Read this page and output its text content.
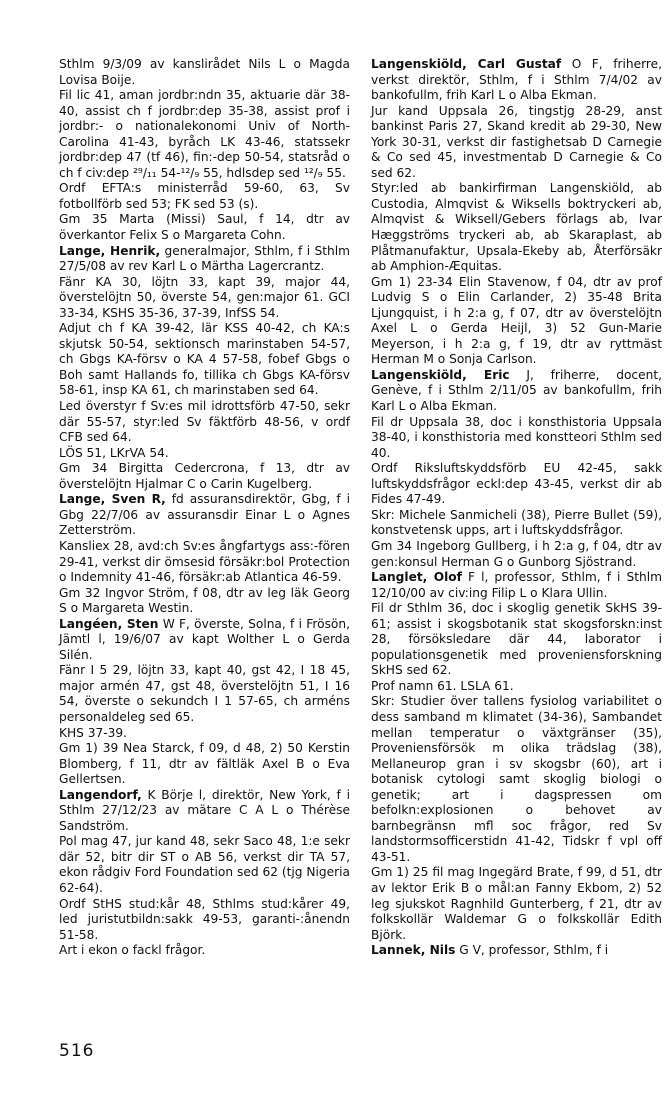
Sthlm 9/3/09 av kanslirådet Nils L o Magda Lovisa Boije.

Fil lic 41, aman jordbr:ndn 35, aktuarie där 38-40, assist ch f jordbr:dep 35-38, assist prof i jordbr:- o nationalekonomi Univ of North-Carolina 41-43, byråch LK 43-46, statssekr jordbr:dep 47 (tf 46), fin:-dep 50-54, statsråd o ch f civ:dep ²⁹/₁₁ 54-¹²/₉ 55, hdlsdep sed ¹²/₉ 55.

Ordf EFTA:s ministerråd 59-60, 63, Sv fotbollförb sed 53; FK sed 53 (s).

Gm 35 Marta (Missi) Saul, f 14, dtr av överkantor Felix S o Margareta Cohn.

Lange, Henrik, generalmajor, Sthlm, f i Sthlm 27/5/08 av rev Karl L o Märtha Lagercrantz.

Fänr KA 30, löjtn 33, kapt 39, major 44, överstelöjtn 50, överste 54, gen:major 61. GCI 33-34, KSHS 35-36, 37-39, InfSS 54.

Adjut ch f KA 39-42, lär KSS 40-42, ch KA:s skjutsk 50-54, sektionsch marinstaben 54-57, ch Gbgs KA-försv o KA 4 57-58, fobef Gbgs o Boh samt Hallands fo, tillika ch Gbgs KA-försv 58-61, insp KA 61, ch marinstaben sed 64.

Led överstyr f Sv:es mil idrottsförb 47-50, sekr där 55-57, styr:led Sv fäktförb 48-56, v ordf CFB sed 64.

LÖS 51, LKrVA 54.

Gm 34 Birgitta Cedercrona, f 13, dtr av överstelöjtn Hjalmar C o Carin Kugelberg.

Lange, Sven R, fd assuransdirektör, Gbg, f i Gbg 22/7/06 av assuransdir Einar L o Agnes Zetterström.

Kansliex 28, avd:ch Sv:es ångfartygs ass:-fören 29-41, verkst dir ömsesid försäkr:bol Protection o Indemnity 41-46, försäkr:ab Atlantica 46-59.

Gm 32 Ingvor Ström, f 08, dtr av leg läk Georg S o Margareta Westin.

Langéen, Sten W F, överste, Solna, f i Frösön, Jämtl l, 19/6/07 av kapt Wolther L o Gerda Silén.

Fänr I 5 29, löjtn 33, kapt 40, gst 42, I 18 45, major armén 47, gst 48, överstelöjtn 51, I 16 54, överste o sekundch I 1 57-65, ch arméns personaldeleg sed 65.

KHS 37-39.

Gm 1) 39 Nea Starck, f 09, d 48, 2) 50 Kerstin Blomberg, f 11, dtr av fältläk Axel B o Eva Gellertsen.

Langendorf, K Börje l, direktör, New York, f i Sthlm 27/12/23 av mätare C A L o Thérèse Sandström.

Pol mag 47, jur kand 48, sekr Saco 48, 1:e sekr där 52, bitr dir ST o AB 56, verkst dir TA 57, ekon rådgiv Ford Foundation sed 62 (tjg Nigeria 62-64).

Ordf StHS stud:kår 48, Sthlms stud:kårer 49, led juristutbildn:sakk 49-53, garanti-:ånendn 51-58.

Art i ekon o fackl frågor.

Langenskiöld, Carl Gustaf O F, friherre, verkst direktör, Sthlm, f i Sthlm 7/4/02 av bankofullm, frih Karl L o Alba Ekman.

Jur kand Uppsala 26, tingstjg 28-29, anst bankinst Paris 27, Skand kredit ab 29-30, New York 30-31, verkst dir fastighetsab D Carnegie & Co sed 45, investmentab D Carnegie & Co sed 62.

Styr:led ab bankirfirman Langenskiöld, ab Custodia, Almqvist & Wiksells boktryckeri ab, Almqvist & Wiksell/Gebers förlags ab, Ivar Hæggströms tryckeri ab, ab Skaraplast, ab Plåtmanufaktur, Upsala-Ekeby ab, Återförsäkr ab Amphion-Æquitas.

Gm 1) 23-34 Elin Stavenow, f 04, dtr av prof Ludvig S o Elin Carlander, 2) 35-48 Brita Ljungquist, i h 2:a g, f 07, dtr av överstelöjtn Axel L o Gerda Heijl, 3) 52 Gun-Marie Meyerson, i h 2:a g, f 19, dtr av ryttmäst Herman M o Sonja Carlson.

Langenskiöld, Eric J, friherre, docent, Genève, f i Sthlm 2/11/05 av bankofullm, frih Karl L o Alba Ekman.

Fil dr Uppsala 38, doc i konsthistoria Uppsala 38-40, i konsthistoria med konstteori Sthlm sed 40.

Ordf Riksluftskyddsförb EU 42-45, sakk luftskyddsfrågor eckl:dep 43-45, verkst dir ab Fides 47-49.

Skr: Michele Sanmicheli (38), Pierre Bullet (59), konstvetensk upps, art i luftskyddsfrågor.

Gm 34 Ingeborg Gullberg, i h 2:a g, f 04, dtr av gen:konsul Herman G o Gunborg Sjöstrand.

Langlet, Olof F l, professor, Sthlm, f i Sthlm 12/10/00 av civ:ing Filip L o Klara Ullin.

Fil dr Sthlm 36, doc i skoglig genetik SkHS 39-61; assist i skogsbotanik stat skogsforskn:inst 28, försöksledare där 44, laborator i populationsgenetik med proveniensforskning SkHS sed 62.

Prof namn 61. LSLA 61.

Skr: Studier över tallens fysiolog variabilitet o dess samband m klimatet (34-36), Sambandet mellan temperatur o växtgränser (35), Proveniensförsök m olika trädslag (38), Mellaneurop gran i sv skogsbr (60), art i botanisk cytologi samt skoglig biologi o genetik; art i dagspressen om befolkn:explosionen o behovet av barnbegränsn mfl soc frågor, red Sv landstormsofficerstidn 41-42, Tidskr f vpl off 43-51.

Gm 1) 25 fil mag Ingegärd Brate, f 99, d 51, dtr av lektor Erik B o mål:an Fanny Ekbom, 2) 52 leg sjukskot Ragnhild Gunterberg, f 21, dtr av folkskollär Waldemar G o folkskollär Edith Björk.

Lannek, Nils G V, professor, Sthlm, f i

516
